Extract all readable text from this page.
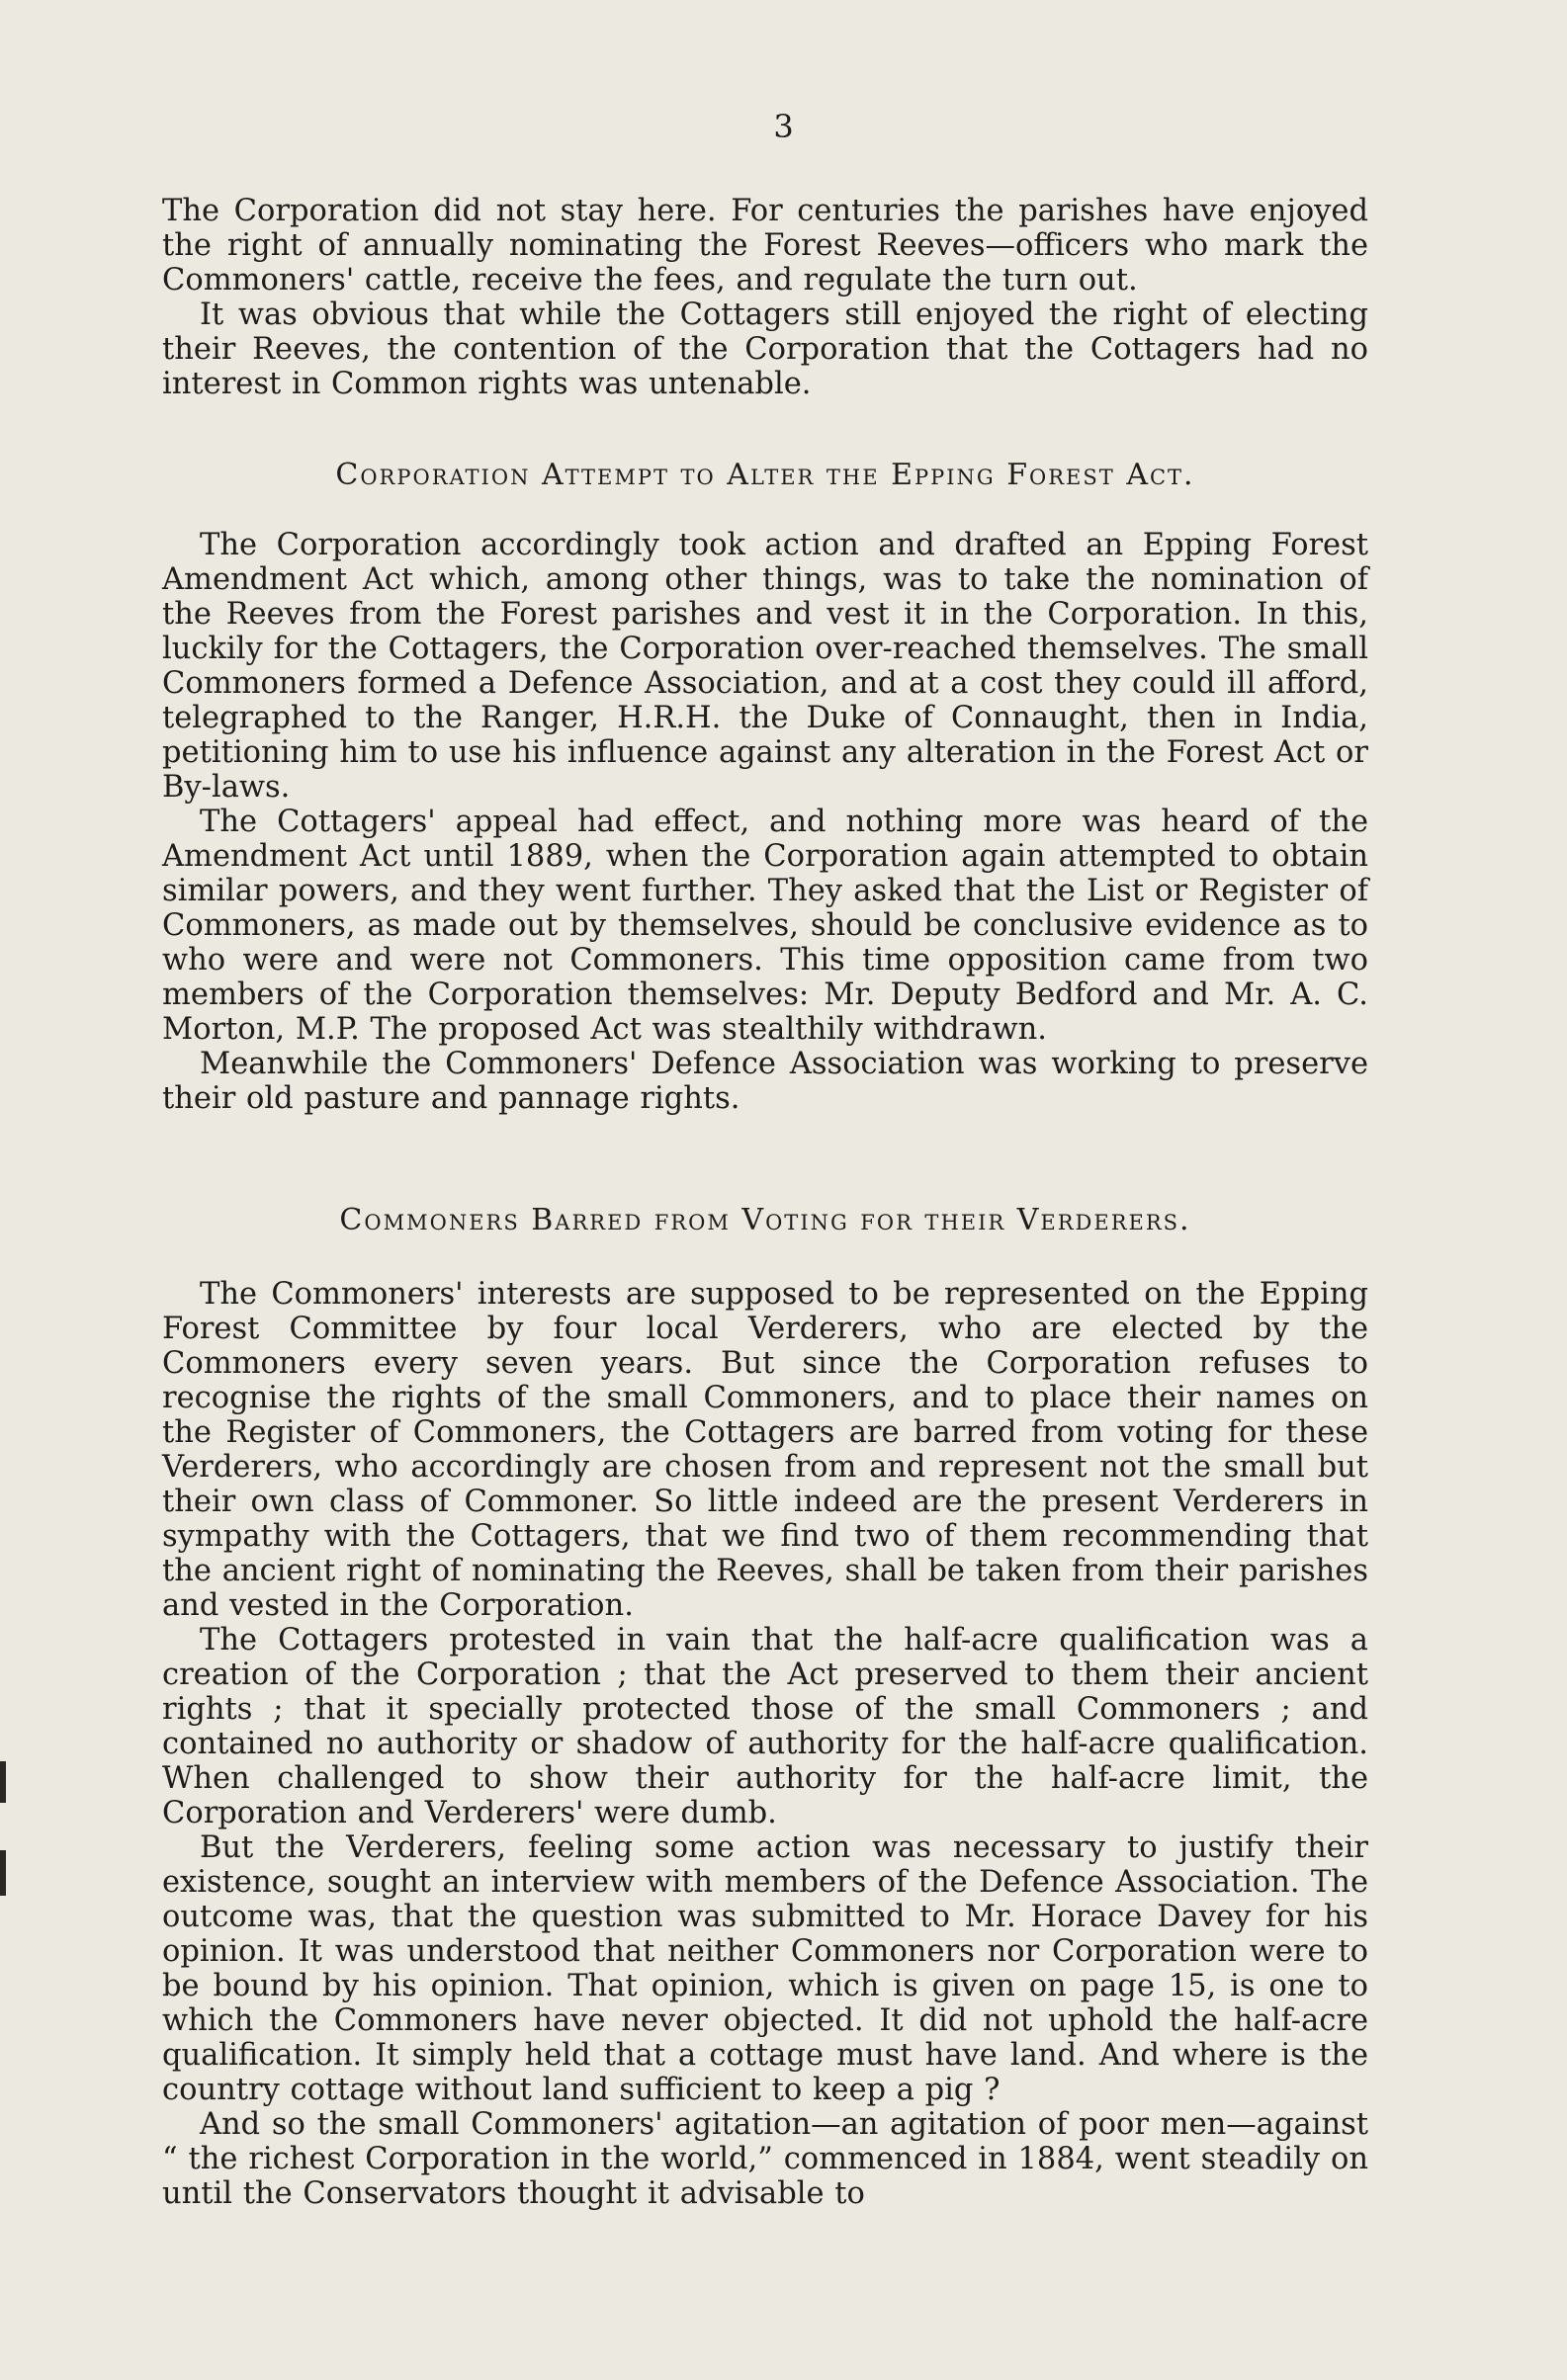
3

The Corporation did not stay here. For centuries the parishes have enjoyed the right of annually nominating the Forest Reeves—officers who mark the Commoners' cattle, receive the fees, and regulate the turn out.

It was obvious that while the Cottagers still enjoyed the right of electing their Reeves, the contention of the Corporation that the Cottagers had no interest in Common rights was untenable.

Corporation Attempt to Alter the Epping Forest Act.

The Corporation accordingly took action and drafted an Epping Forest Amendment Act which, among other things, was to take the nomination of the Reeves from the Forest parishes and vest it in the Corporation. In this, luckily for the Cottagers, the Corporation over-reached themselves. The small Commoners formed a Defence Association, and at a cost they could ill afford, telegraphed to the Ranger, H.R.H. the Duke of Connaught, then in India, petitioning him to use his influence against any alteration in the Forest Act or By-laws.

The Cottagers' appeal had effect, and nothing more was heard of the Amendment Act until 1889, when the Corporation again attempted to obtain similar powers, and they went further. They asked that the List or Register of Commoners, as made out by themselves, should be conclusive evidence as to who were and were not Commoners. This time opposition came from two members of the Corporation themselves: Mr. Deputy Bedford and Mr. A. C. Morton, M.P. The proposed Act was stealthily withdrawn.

Meanwhile the Commoners' Defence Association was working to preserve their old pasture and pannage rights.

Commoners Barred from Voting for their Verderers.

The Commoners' interests are supposed to be represented on the Epping Forest Committee by four local Verderers, who are elected by the Commoners every seven years. But since the Corporation refuses to recognise the rights of the small Commoners, and to place their names on the Register of Commoners, the Cottagers are barred from voting for these Verderers, who accordingly are chosen from and represent not the small but their own class of Commoner. So little indeed are the present Verderers in sympathy with the Cottagers, that we find two of them recommending that the ancient right of nominating the Reeves, shall be taken from their parishes and vested in the Corporation.

The Cottagers protested in vain that the half-acre qualification was a creation of the Corporation ; that the Act preserved to them their ancient rights ; that it specially protected those of the small Commoners ; and contained no authority or shadow of authority for the half-acre qualification. When challenged to show their authority for the half-acre limit, the Corporation and Verderers' were dumb.

But the Verderers, feeling some action was necessary to justify their existence, sought an interview with members of the Defence Association. The outcome was, that the question was submitted to Mr. Horace Davey for his opinion. It was understood that neither Commoners nor Corporation were to be bound by his opinion. That opinion, which is given on page 15, is one to which the Commoners have never objected. It did not uphold the half-acre qualification. It simply held that a cottage must have land. And where is the country cottage without land sufficient to keep a pig ?

And so the small Commoners' agitation—an agitation of poor men—against “ the richest Corporation in the world,” commenced in 1884, went steadily on until the Conservators thought it advisable to
